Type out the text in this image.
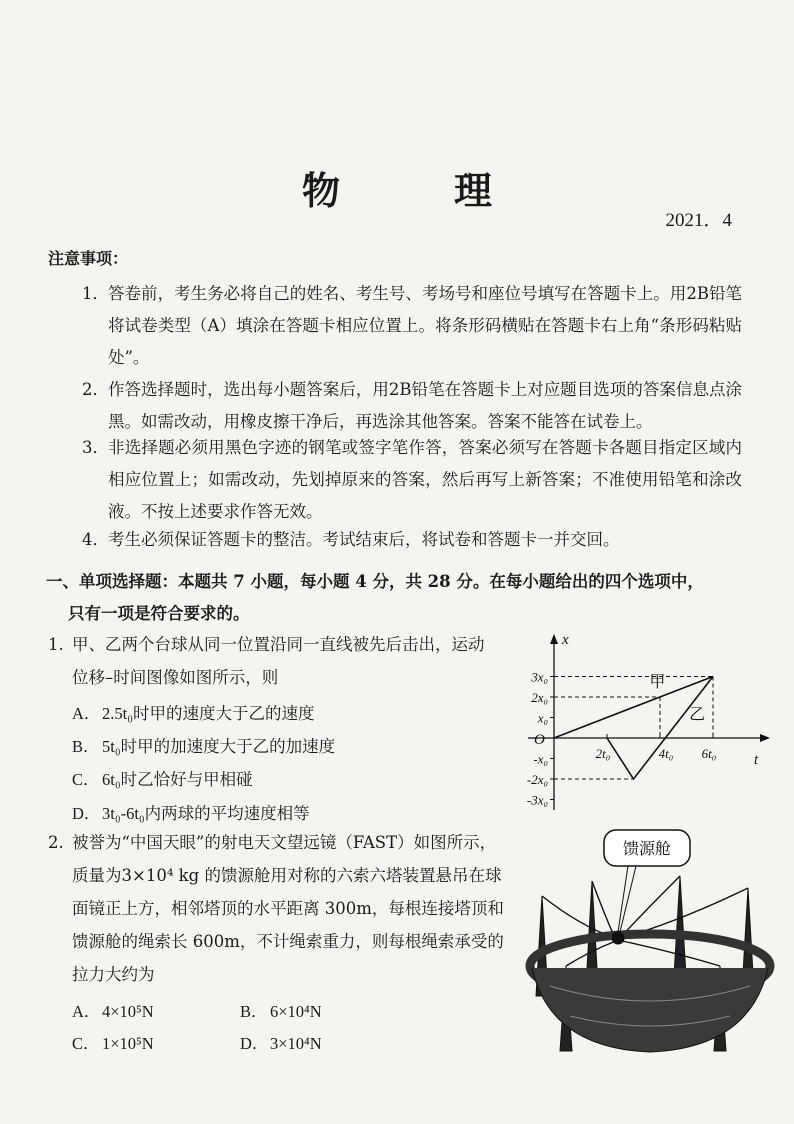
物　理
2021．4
注意事项：
1． 答卷前，考生务必将自己的姓名、考生号、考场号和座位号填写在答题卡上。用2B铅笔将试卷类型（A）填涂在答题卡相应位置上。将条形码横贴在答题卡右上角“条形码粘贴处”。
2． 作答选择题时，选出每小题答案后，用2B铅笔在答题卡上对应题目选项的答案信息点涂黑。如需改动，用橡皮擦干净后，再选涂其他答案。答案不能答在试卷上。
3． 非选择题必须用黑色字迹的钢笔或签字笔作答，答案必须写在答题卡各题目指定区域内相应位置上；如需改动，先划掉原来的答案，然后再写上新答案；不准使用铅笔和涂改液。不按上述要求作答无效。
4． 考生必须保证答题卡的整洁。考试结束后，将试卷和答题卡一并交回。
一、单项选择题：本题共 7 小题，每小题 4 分，共 28 分。在每小题给出的四个选项中，
只有一项是符合要求的。
1. 甲、乙两个台球从同一位置沿同一直线被先后击出，运动
位移–时间图像如图所示，则
A．2.5t₀时甲的速度大于乙的速度
B． 5t₀时甲的加速度大于乙的加速度
C． 6t₀时乙恰好与甲相碰
D．3t₀-6t₀内两球的平均速度相等
x
t
O
3x₀
2x₀
x₀
-x₀
-2x₀
-3x₀
2t₀	4t₀ 6t₀
甲
乙
2. 被誉为“中国天眼”的射电天文望远镜（FAST）如图所示，
质量为3×10⁴ kg 的馈源舱用对称的六索六塔装置悬吊在球
面镜正上方，相邻塔顶的水平距离 300m，每根连接塔顶和
馈源舱的绳索长 600m，不计绳索重力，则每根绳索承受的
拉力大约为
A．4×10⁵N	B． 6×10⁴N
C． 1×10⁵N	D．3×10⁴N
馈源舱
